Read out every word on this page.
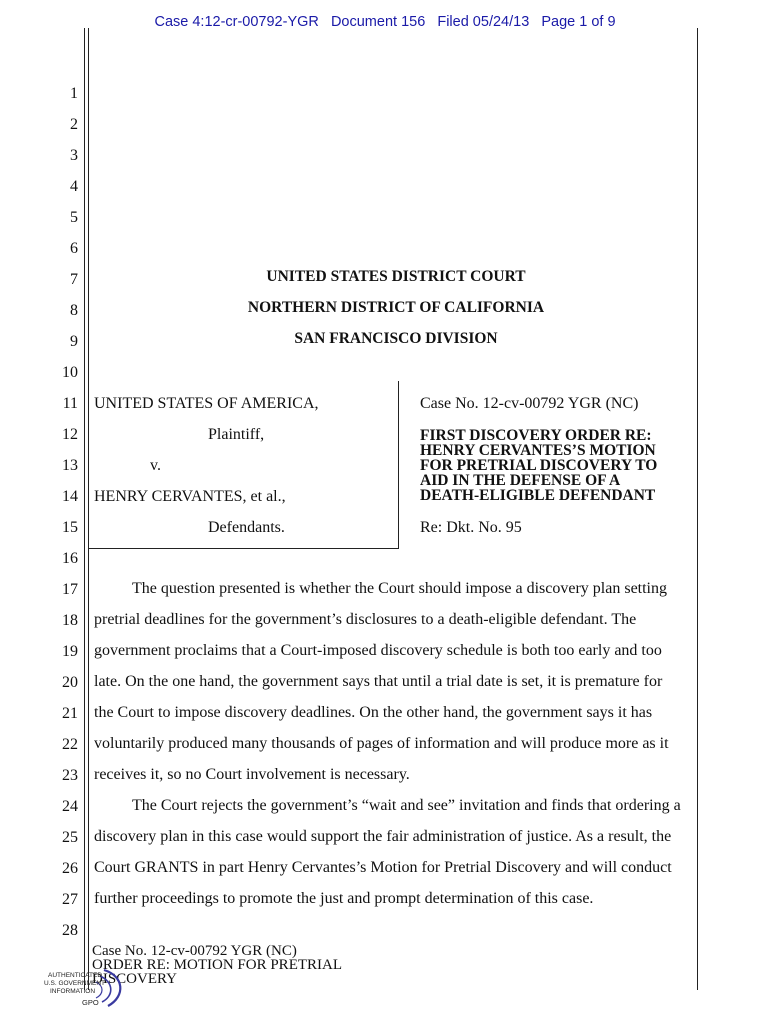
Case 4:12-cr-00792-YGR   Document 156   Filed 05/24/13   Page 1 of 9
1
2
3
4
5
6
7
8
9
10
11
12
13
14
15
16
17
18
19
20
21
22
23
24
25
26
27
28
UNITED STATES DISTRICT COURT
NORTHERN DISTRICT OF CALIFORNIA
SAN FRANCISCO DIVISION
UNITED STATES OF AMERICA,
Plaintiff,
v.
HENRY CERVANTES, et al.,
Defendants.
Case No. 12-cv-00792 YGR (NC)
FIRST DISCOVERY ORDER RE:
HENRY CERVANTES’S MOTION
FOR PRETRIAL DISCOVERY TO
AID IN THE DEFENSE OF A
DEATH-ELIGIBLE DEFENDANT
Re: Dkt. No. 95
The question presented is whether the Court should impose a discovery plan setting
pretrial deadlines for the government’s disclosures to a death-eligible defendant. The
government proclaims that a Court-imposed discovery schedule is both too early and too
late. On the one hand, the government says that until a trial date is set, it is premature for
the Court to impose discovery deadlines. On the other hand, the government says it has
voluntarily produced many thousands of pages of information and will produce more as it
receives it, so no Court involvement is necessary.
The Court rejects the government’s “wait and see” invitation and finds that ordering a
discovery plan in this case would support the fair administration of justice. As a result, the
Court GRANTS in part Henry Cervantes’s Motion for Pretrial Discovery and will conduct
further proceedings to promote the just and prompt determination of this case.
Case No. 12-cv-00792 YGR (NC)
ORDER RE: MOTION FOR PRETRIAL
DISCOVERY
AUTHENTICATED
U.S. GOVERNMENT
INFORMATION
GPO
